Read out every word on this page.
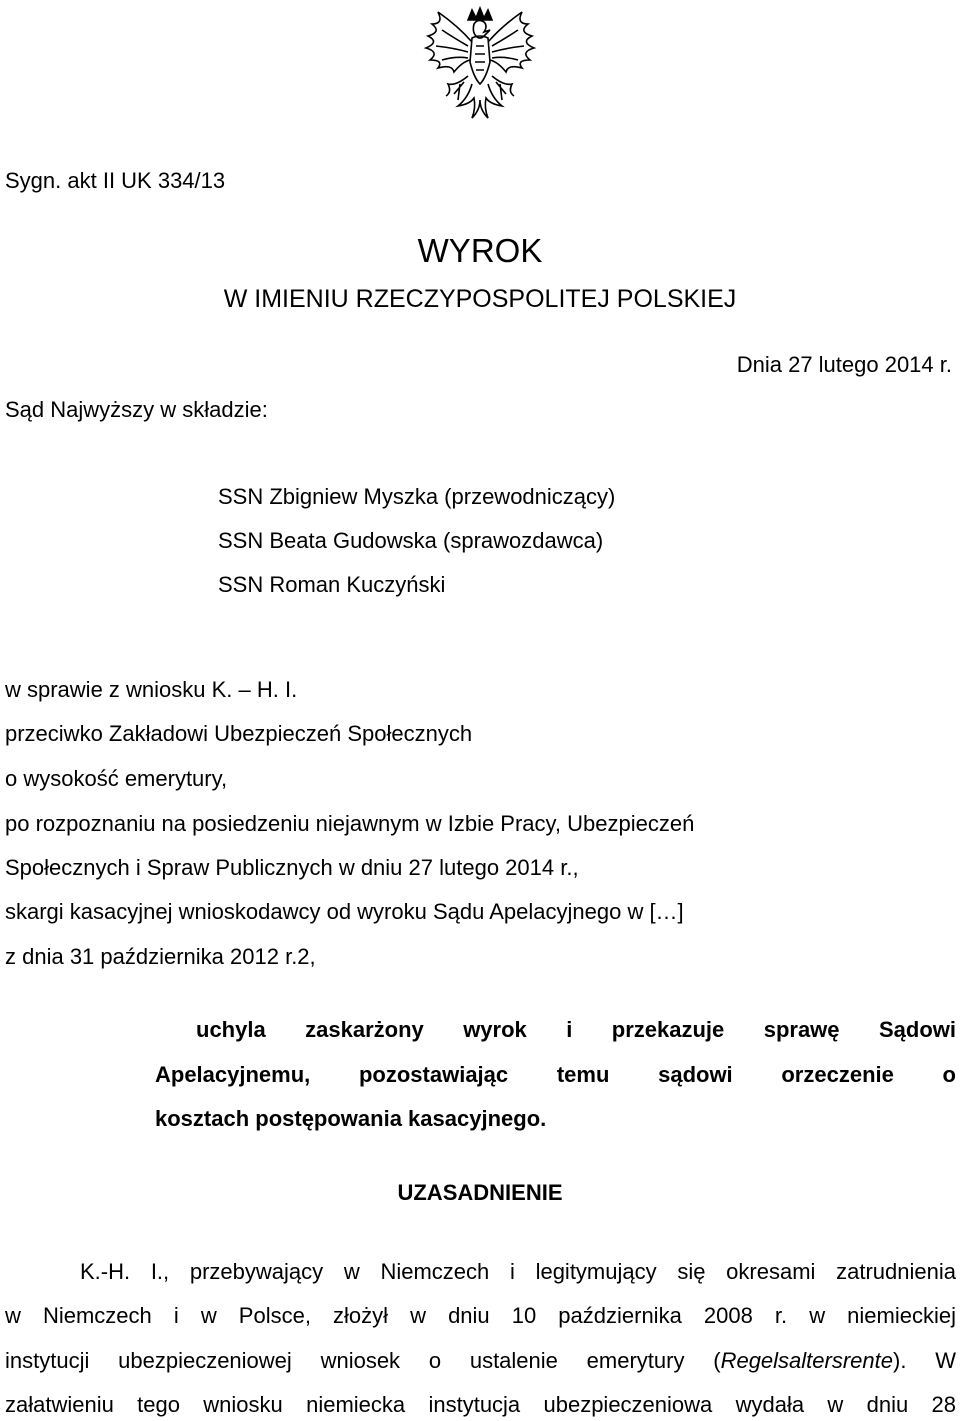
Sygn. akt II UK 334/13
WYROK
W IMIENIU RZECZYPOSPOLITEJ POLSKIEJ
Dnia 27 lutego 2014 r.
Sąd Najwyższy w składzie:
SSN Zbigniew Myszka (przewodniczący)
SSN Beata Gudowska (sprawozdawca)
SSN Roman Kuczyński
w sprawie z wniosku K. – H. I.
przeciwko Zakładowi Ubezpieczeń Społecznych
o wysokość emerytury,
po rozpoznaniu na posiedzeniu niejawnym w Izbie Pracy, Ubezpieczeń
Społecznych i Spraw Publicznych w dniu 27 lutego 2014 r.,
skargi kasacyjnej wnioskodawcy od wyroku Sądu Apelacyjnego w […]
z dnia 31 października 2012 r.2,
uchyla zaskarżony wyrok i przekazuje sprawę Sądowi
Apelacyjnemu, pozostawiając temu sądowi orzeczenie o
kosztach postępowania kasacyjnego.
UZASADNIENIE
K.-H. I., przebywający w Niemczech i legitymujący się okresami zatrudnienia
w Niemczech i w Polsce, złożył w dniu 10 października 2008 r. w niemieckiej
instytucji ubezpieczeniowej wniosek o ustalenie emerytury (Regelsaltersrente). W
załatwieniu tego wniosku niemiecka instytucja ubezpieczeniowa wydała w dniu 28
